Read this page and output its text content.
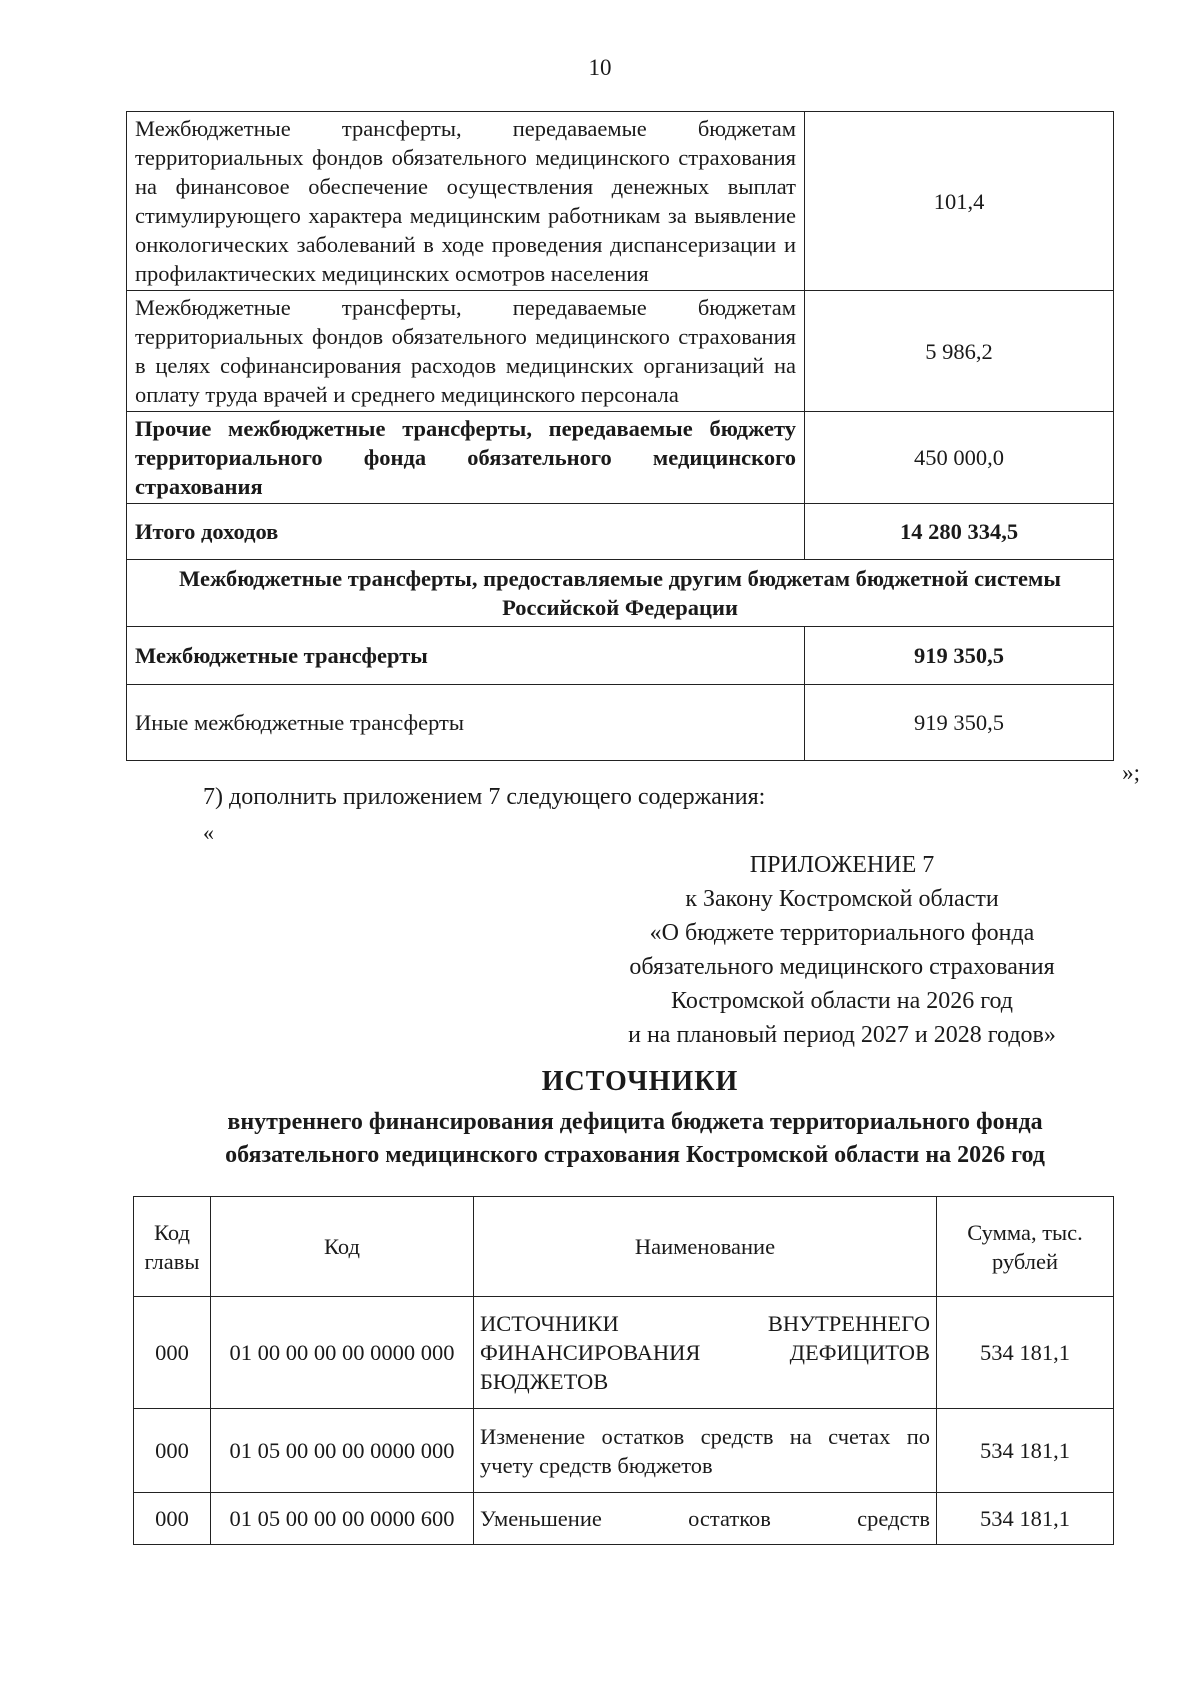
10
Межбюджетные трансферты, передаваемые бюджетам территориальных фондов обязательного медицинского страхования на финансовое обеспечение осуществления денежных выплат стимулирующего характера медицинским работникам за выявление онкологических заболеваний в ходе проведения диспансеризации и профилактических медицинских осмотров населения	101,4
Межбюджетные трансферты, передаваемые бюджетам территориальных фондов обязательного медицинского страхования в целях софинансирования расходов медицинских организаций на оплату труда врачей и среднего медицинского персонала	5 986,2
Прочие межбюджетные трансферты, передаваемые бюджету территориального фонда обязательного медицинского страхования	450 000,0
Итого доходов	14 280 334,5
Межбюджетные трансферты, предоставляемые другим бюджетам бюджетной системы Российской Федерации	
Межбюджетные трансферты	919 350,5
Иные межбюджетные трансферты	919 350,5
»;
7) дополнить приложением 7 следующего содержания:
«
ПРИЛОЖЕНИЕ 7
к Закону Костромской области
«О бюджете территориального фонда
обязательного медицинского страхования
Костромской области на 2026 год
и на плановый период 2027 и 2028 годов»
ИСТОЧНИКИ
внутреннего финансирования дефицита бюджета территориального фонда
обязательного медицинского страхования Костромской области на 2026 год
Код главы	Код	Наименование	Сумма, тыс. рублей
000	01 00 00 00 00 0000 000	ИСТОЧНИКИ ВНУТРЕННЕГО ФИНАНСИРОВАНИЯ ДЕФИЦИТОВ БЮДЖЕТОВ	534 181,1
000	01 05 00 00 00 0000 000	Изменение остатков средств на счетах по учету средств бюджетов	534 181,1
000	01 05 00 00 00 0000 600	Уменьшение остатков средств	534 181,1
